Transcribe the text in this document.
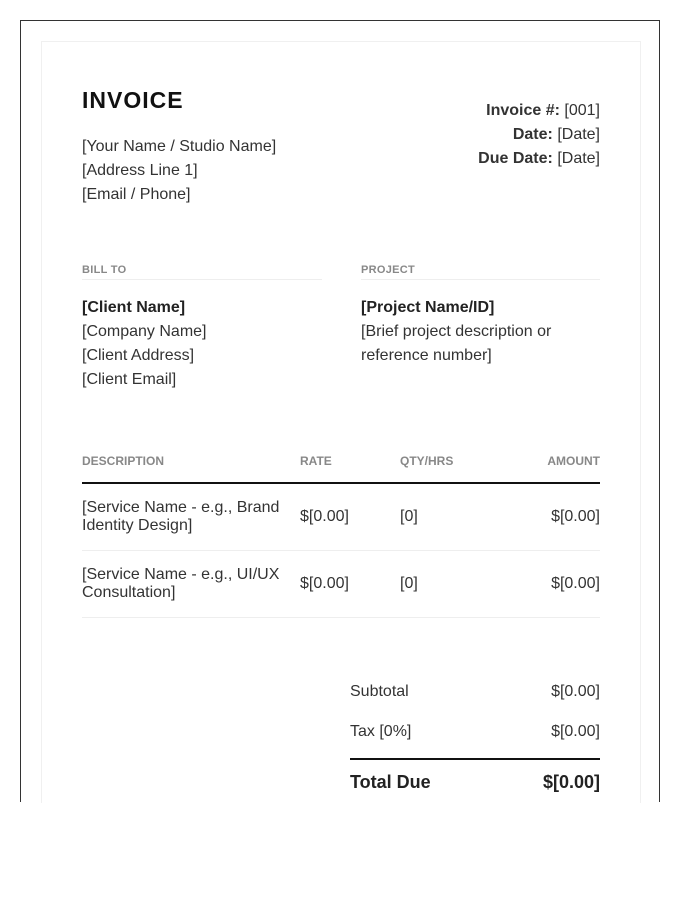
INVOICE
[Your Name / Studio Name]
[Address Line 1]
[Email / Phone]
Invoice #: [001]
Date: [Date]
Due Date: [Date]
BILL TO
[Client Name]
[Company Name]
[Client Address]
[Client Email]
PROJECT
[Project Name/ID]
[Brief project description or reference number]
DESCRIPTION	RATE	QTY/HRS	AMOUNT
[Service Name - e.g., Brand Identity Design]	$[0.00]	[0]	$[0.00]
[Service Name - e.g., UI/UX Consultation]	$[0.00]	[0]	$[0.00]
Subtotal	$[0.00]
Tax [0%]	$[0.00]
Total Due	$[0.00]
